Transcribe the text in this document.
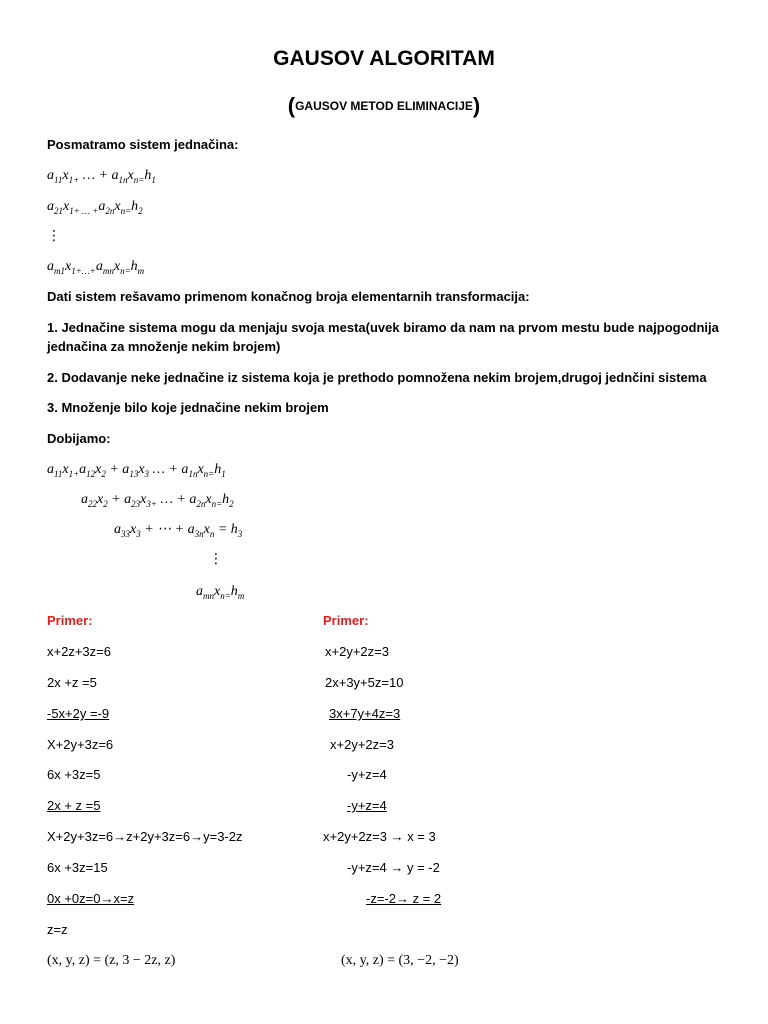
GAUSOV ALGORITAM
(GAUSOV METOD ELIMINACIJE)
Posmatramo sistem jednačina:
$a_{11}x_{1+}$ … + $a_{1n}x_{n=}h_1$
$a_{21}x_{1+ \dots +}a_{2n}x_{n=}h_2$
⋮
$a_{m1}x_{1+\dots+}a_{mn}x_{n=}h_m$
Dati sistem rešavamo primenom konačnog broja elementarnih transformacija:
1. Jednačine sistema mogu da menjaju svoja mesta(uvek biramo da nam na prvom mestu bude najpogodnija
jednačina za množenje nekim brojem)
2. Dodavanje neke jednačine iz sistema koja je prethodo pomnožena nekim brojem,drugoj jednčini sistema
3. Množenje bilo koje jednačine nekim brojem
Dobijamo:
$a_{11}x_{1+}a_{12}x_2 + a_{13}x_3$ … + $a_{1n}x_{n=}h_1$
$a_{22}x_2 + a_{23}x_{3+}$ … + $a_{2n}x_{n=}h_2$
$a_{33}x_3$ + ⋯ + $a_{3n}x_n = h_3$
⋮
$a_{mn}x_{n=}h_m$
Primer:
x+2z+3z=6
2x +z =5
-5x+2y =-9
X+2y+3z=6
6x +3z=5
2x + z =5
X+2y+3z=6→z+2y+3z=6→y=3-2z
6x +3z=15
0x +0z=0→x=z
z=z
(x, y, z) = (z, 3 − 2z, z)
Primer:
x+2y+2z=3
2x+3y+5z=10
3x+7y+4z=3
x+2y+2z=3
-y+z=4
-y+z=4
x+2y+2z=3 → x = 3
-y+z=4 → y = -2
-z=-2→ z = 2
(x, y, z) = (3, −2, −2)
